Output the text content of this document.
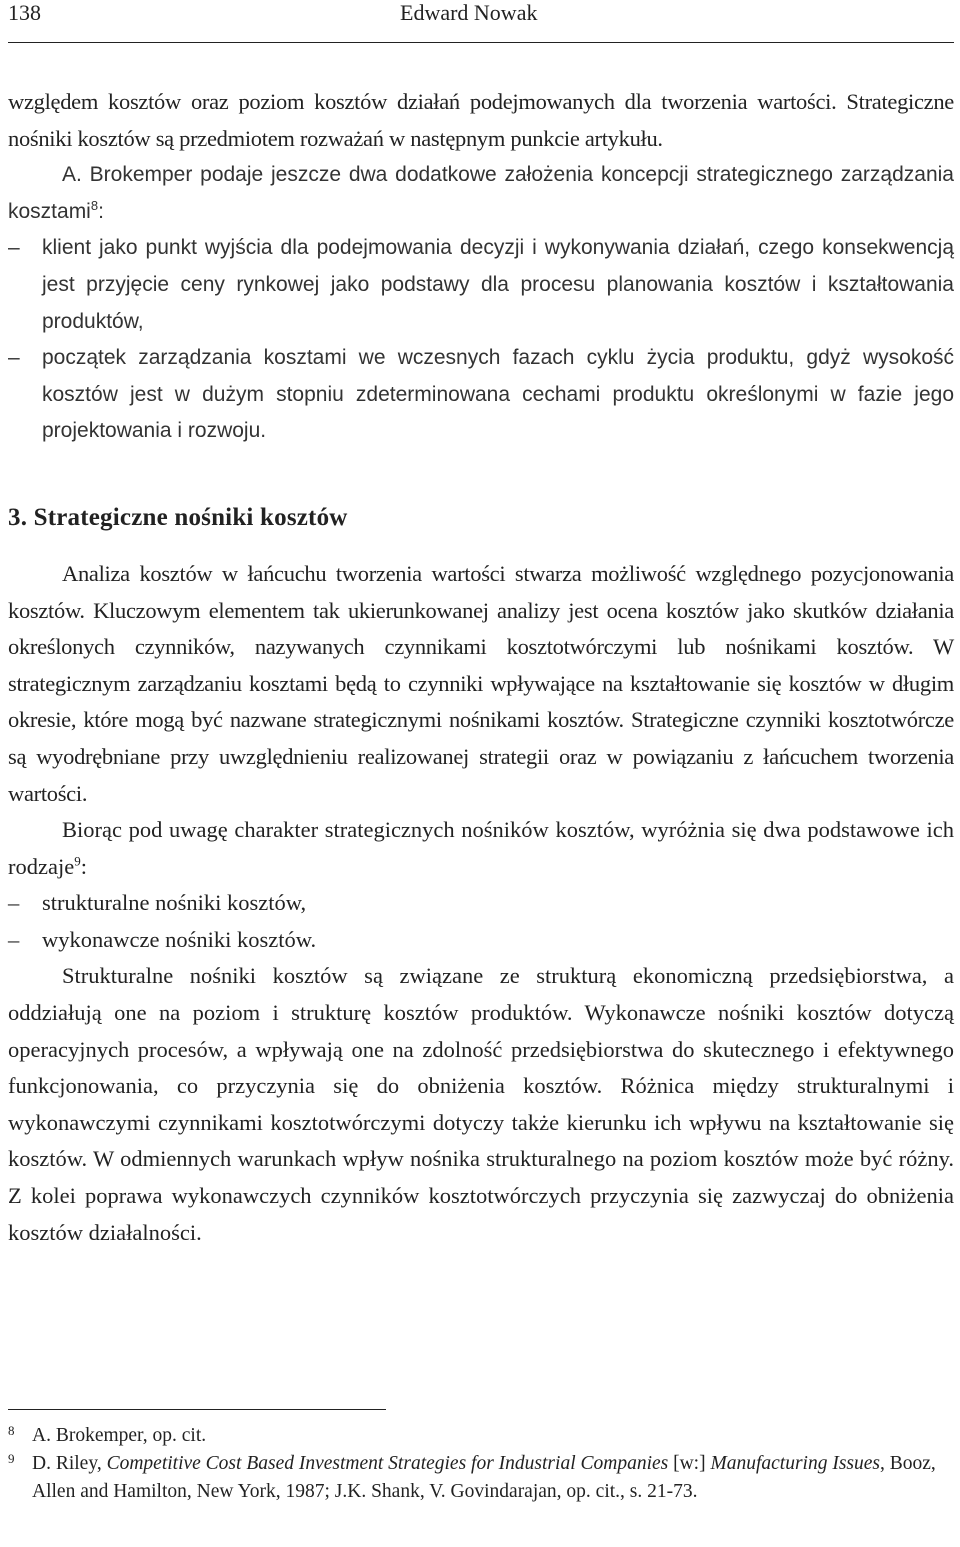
138	Edward Nowak

względem kosztów oraz poziom kosztów działań podejmowanych dla tworzenia wartości. Strategiczne nośniki kosztów są przedmiotem rozważań w następnym punkcie artykułu.

A. Brokemper podaje jeszcze dwa dodatkowe założenia koncepcji strategicznego zarządzania kosztami$^8$:

–	klient jako punkt wyjścia dla podejmowania decyzji i wykonywania działań, czego konsekwencją jest przyjęcie ceny rynkowej jako podstawy dla procesu planowania kosztów i kształtowania produktów,

–	początek zarządzania kosztami we wczesnych fazach cyklu życia produktu, gdyż wysokość kosztów jest w dużym stopniu zdeterminowana cechami produktu określonymi w fazie jego projektowania i rozwoju.

3. Strategiczne nośniki kosztów

Analiza kosztów w łańcuchu tworzenia wartości stwarza możliwość względnego pozycjonowania kosztów. Kluczowym elementem tak ukierunkowanej analizy jest ocena kosztów jako skutków działania określonych czynników, nazywanych czynnikami kosztotwórczymi lub nośnikami kosztów. W strategicznym zarządzaniu kosztami będą to czynniki wpływające na kształtowanie się kosztów w długim okresie, które mogą być nazwane strategicznymi nośnikami kosztów. Strategiczne czynniki kosztotwórcze są wyodrębniane przy uwzględnieniu realizowanej strategii oraz w powiązaniu z łańcuchem tworzenia wartości.

Biorąc pod uwagę charakter strategicznych nośników kosztów, wyróżnia się dwa podstawowe ich rodzaje$^9$:

–	strukturalne nośniki kosztów,

–	wykonawcze nośniki kosztów.

Strukturalne nośniki kosztów są związane ze strukturą ekonomiczną przedsiębiorstwa, a oddziałują one na poziom i strukturę kosztów produktów. Wykonawcze nośniki kosztów dotyczą operacyjnych procesów, a wpływają one na zdolność przedsiębiorstwa do skutecznego i efektywnego funkcjonowania, co przyczynia się do obniżenia kosztów. Różnica między strukturalnymi i wykonawczymi czynnikami kosztotwórczymi dotyczy także kierunku ich wpływu na kształtowanie się kosztów. W odmiennych warunkach wpływ nośnika strukturalnego na poziom kosztów może być różny. Z kolei poprawa wykonawczych czynników kosztotwórczych przyczynia się zazwyczaj do obniżenia kosztów działalności.

8 A. Brokemper, op. cit.

9 D. Riley, Competitive Cost Based Investment Strategies for Industrial Companies [w:] Manufacturing Issues, Booz, Allen and Hamilton, New York, 1987; J.K. Shank, V. Govindarajan, op. cit., s. 21-73.
